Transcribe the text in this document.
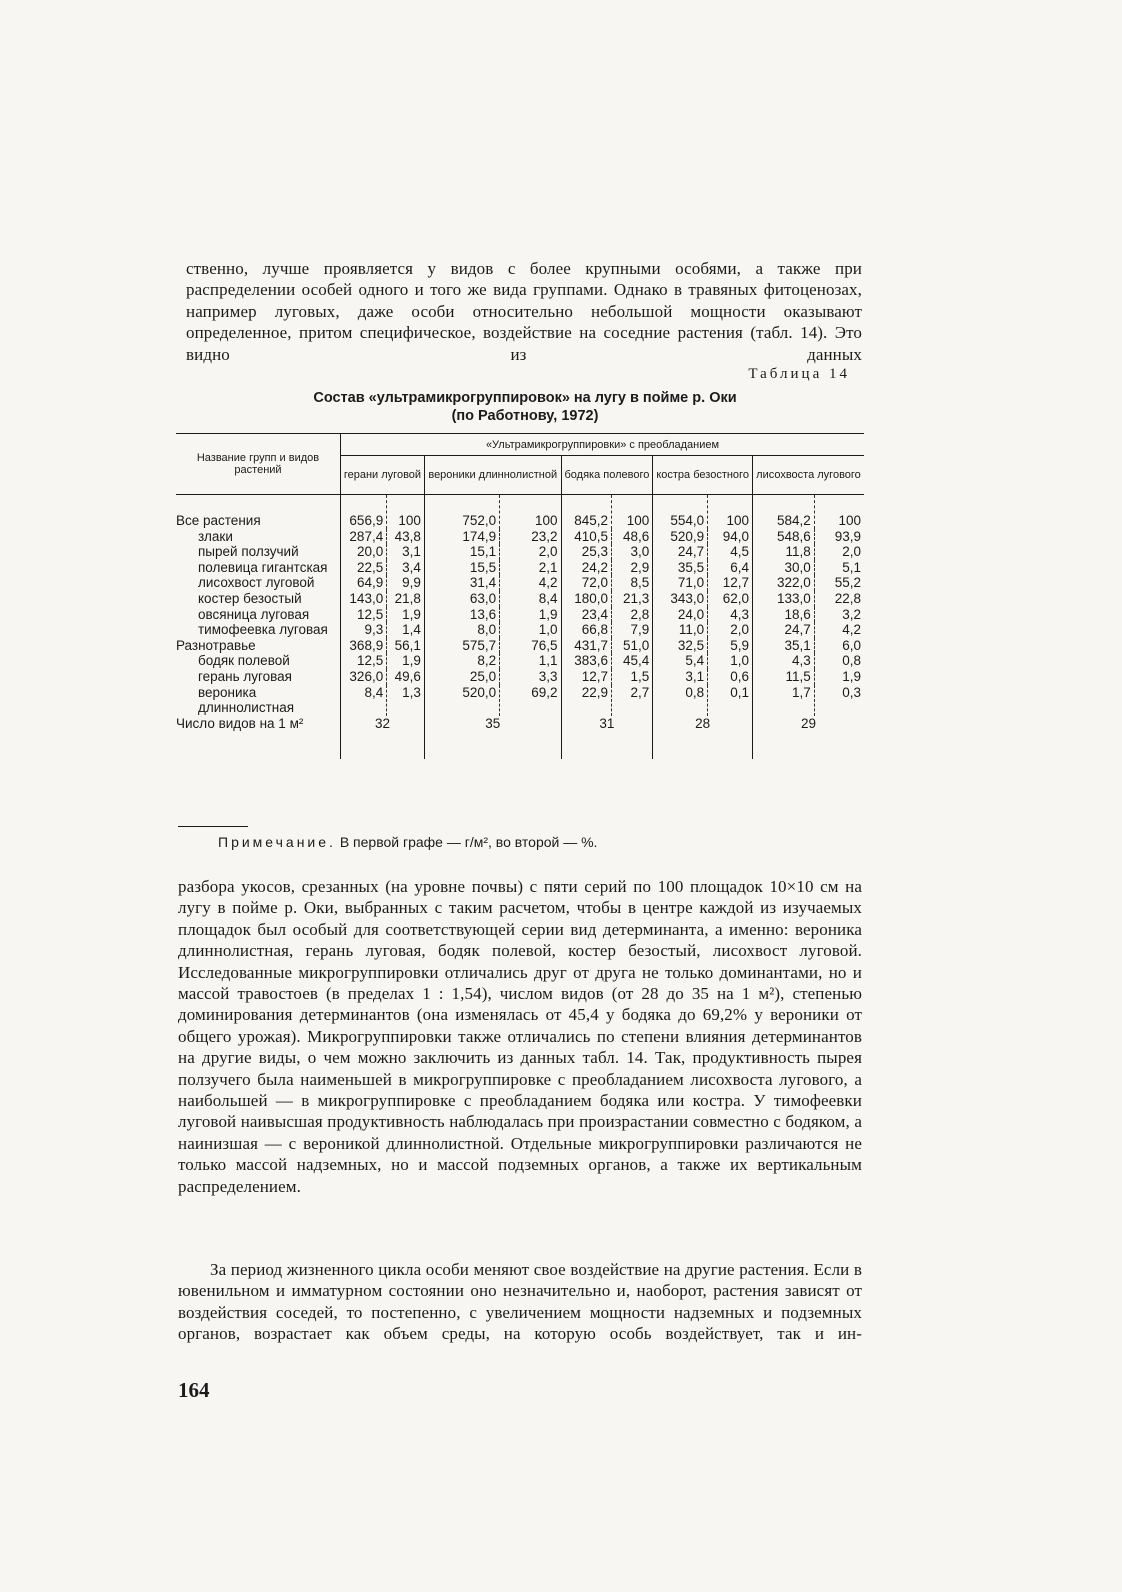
ственно, лучше проявляется у видов с более крупными особями, а также при распределении особей одного и того же вида группами. Однако в травяных фитоценозах, например луговых, даже особи относительно небольшой мощности оказывают определенное, притом специфическое, воздействие на соседние растения (табл. 14). Это видно из данных
Таблица 14
Состав «ультрамикрогруппировок» на лугу в пойме р. Оки
(по Работнову, 1972)
Название групп и видов растений	«Ультрамикрогруппировки» с преобладанием									
	герани луговой		вероники длиннолистной		бодяка полевого		костра безостного		лисохвоста лугового	
Все растения	656,9	100	752,0	100	845,2	100	554,0	100	584,2	100
злаки	287,4	43,8	174,9	23,2	410,5	48,6	520,9	94,0	548,6	93,9
пырей ползучий	20,0	3,1	15,1	2,0	25,3	3,0	24,7	4,5	11,8	2,0
полевица гигантская	22,5	3,4	15,5	2,1	24,2	2,9	35,5	6,4	30,0	5,1
лисохвост луговой	64,9	9,9	31,4	4,2	72,0	8,5	71,0	12,7	322,0	55,2
костер безостый	143,0	21,8	63,0	8,4	180,0	21,3	343,0	62,0	133,0	22,8
овсяница луговая	12,5	1,9	13,6	1,9	23,4	2,8	24,0	4,3	18,6	3,2
тимофеевка луговая	9,3	1,4	8,0	1,0	66,8	7,9	11,0	2,0	24,7	4,2
Разнотравье	368,9	56,1	575,7	76,5	431,7	51,0	32,5	5,9	35,1	6,0
бодяк полевой	12,5	1,9	8,2	1,1	383,6	45,4	5,4	1,0	4,3	0,8
герань луговая	326,0	49,6	25,0	3,3	12,7	1,5	3,1	0,6	11,5	1,9
вероника длиннолистная	8,4	1,3	520,0	69,2	22,9	2,7	0,8	0,1	1,7	0,3
Число видов на 1 м²	32		35		31		28		29	

Примечание. В первой графе — г/м², во второй — %.
разбора укосов, срезанных (на уровне почвы) с пяти серий по 100 площадок 10×10 см на лугу в пойме р. Оки, выбранных с таким расчетом, чтобы в центре каждой из изучаемых площадок был особый для соответствующей серии вид детерминанта, а именно: вероника длиннолистная, герань луговая, бодяк полевой, костер безостый, лисохвост луговой. Исследованные микрогруппировки отличались друг от друга не только доминантами, но и массой травостоев (в пределах 1 : 1,54), числом видов (от 28 до 35 на 1 м²), степенью доминирования детерминантов (она изменялась от 45,4 у бодяка до 69,2% у вероники от общего урожая). Микрогруппировки также отличались по степени влияния детерминантов на другие виды, о чем можно заключить из данных табл. 14. Так, продуктивность пырея ползучего была наименьшей в микрогруппировке с преобладанием лисохвоста лугового, а наибольшей — в микрогруппировке с преобладанием бодяка или костра. У тимофеевки луговой наивысшая продуктивность наблюдалась при произрастании совместно с бодяком, а наинизшая — с вероникой длиннолистной. Отдельные микрогруппировки различаются не только массой надземных, но и массой подземных органов, а также их вертикальным распределением.
За период жизненного цикла особи меняют свое воздействие на другие растения. Если в ювенильном и имматурном состоянии оно незначительно и, наоборот, растения зависят от воздействия соседей, то постепенно, с увеличением мощности надземных и подземных органов, возрастает как объем среды, на которую особь воздействует, так и ин-
164
